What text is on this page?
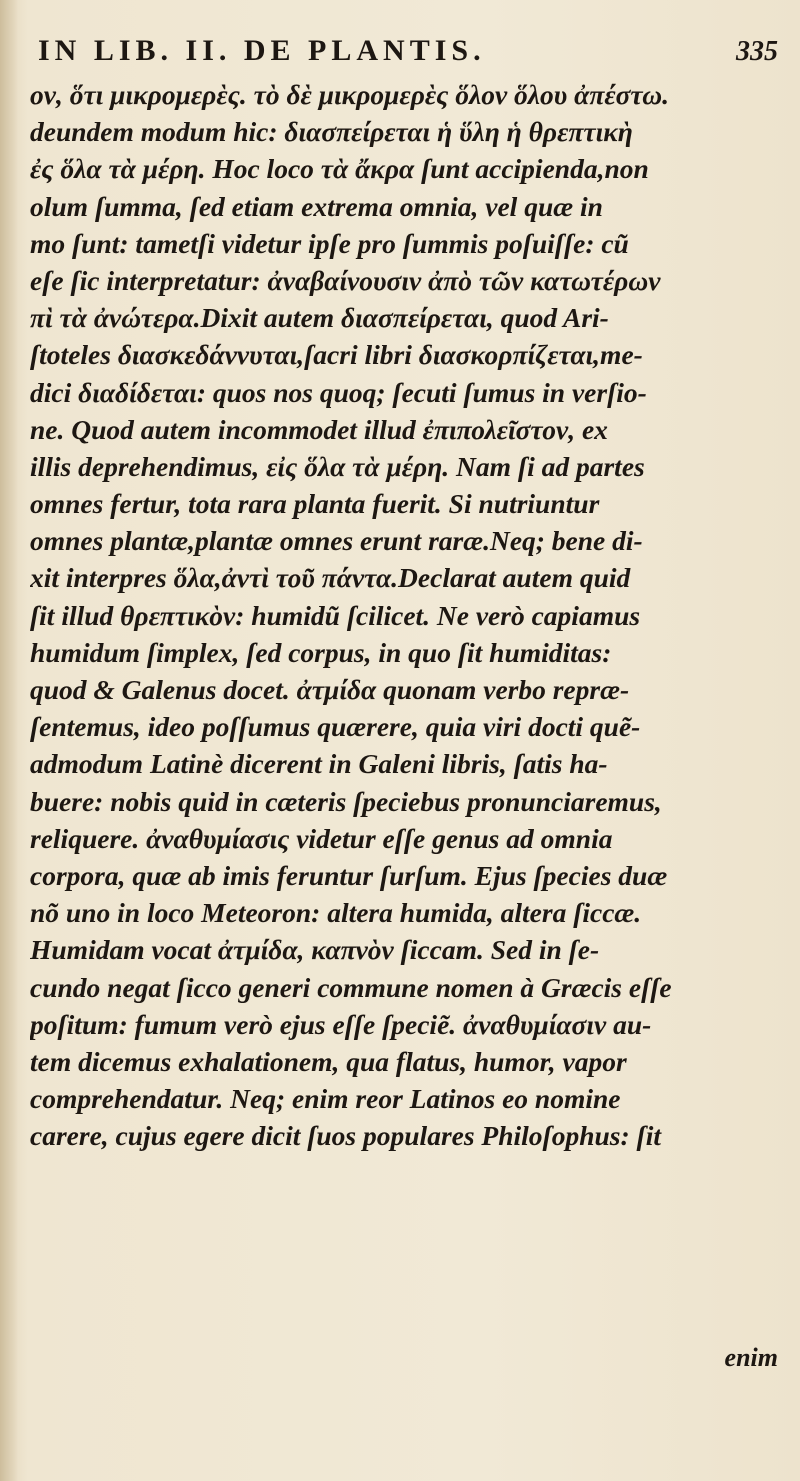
IN LIB. II. DE PLANTIS.	335
ον, ὅτι μικρομερὲς. τὸ δὲ μικρομερὲς ὅλον ὅλου ἀπέστω.
deundem modum hic: διασπείρεται ἡ ὕλη ἡ θρεπτικὴ
ἐς ὅλα τὰ μέρη. Hoc loco τὰ ἄκρα ſunt accipienda,non
olum ſumma, ſed etiam extrema omnia, vel quæ in
mo ſunt: tametſi videtur ipſe pro ſummis poſuiſſe: cũ
eſe ſic interpretatur: ἀναβαίνουσιν ἀπὸ τῶν κατωτέρων
πὶ τὰ ἀνώτερα.Dixit autem διασπείρεται, quod Ari-
ſtoteles διασκεδάννυται,ſacri libri διασκορπίζεται,me-
dici διαδίδεται: quos nos quoq; ſecuti ſumus in verſio-
ne. Quod autem incommodet illud ἐπιπολεῖστον, ex
illis deprehendimus, εἰς ὅλα τὰ μέρη. Nam ſi ad partes
omnes fertur, tota rara planta fuerit. Si nutriuntur
omnes plantæ,plantæ omnes erunt raræ.Neq; bene di-
xit interpres ὅλα,ἀντὶ τοῦ πάντα.Declarat autem quid
ſit illud θρεπτικὸν: humidũ ſcilicet. Ne verò capiamus
humidum ſimplex, ſed corpus, in quo ſit humiditas:
quod & Galenus docet. ἀτμίδα quonam verbo repræ-
ſentemus, ideo poſſumus quærere, quia viri docti quẽ-
admodum Latinè dicerent in Galeni libris, ſatis ha-
buere: nobis quid in cæteris ſpeciebus pronunciaremus,
reliquere. ἀναθυμίασις videtur eſſe genus ad omnia
corpora, quæ ab imis feruntur ſurſum. Ejus ſpecies duæ
nõ uno in loco Meteoron: altera humida, altera ſiccæ.
Humidam vocat ἀτμίδα, καπνὸν ſiccam. Sed in ſe-
cundo negat ſicco generi commune nomen à Græcis eſſe
poſitum: fumum verò ejus eſſe ſpeciẽ. ἀναθυμίασιν au-
tem dicemus exhalationem, qua flatus, humor, vapor
comprehendatur. Neq; enim reor Latinos eo nomine
carere, cujus egere dicit ſuos populares Philoſophus: ſit
enim
